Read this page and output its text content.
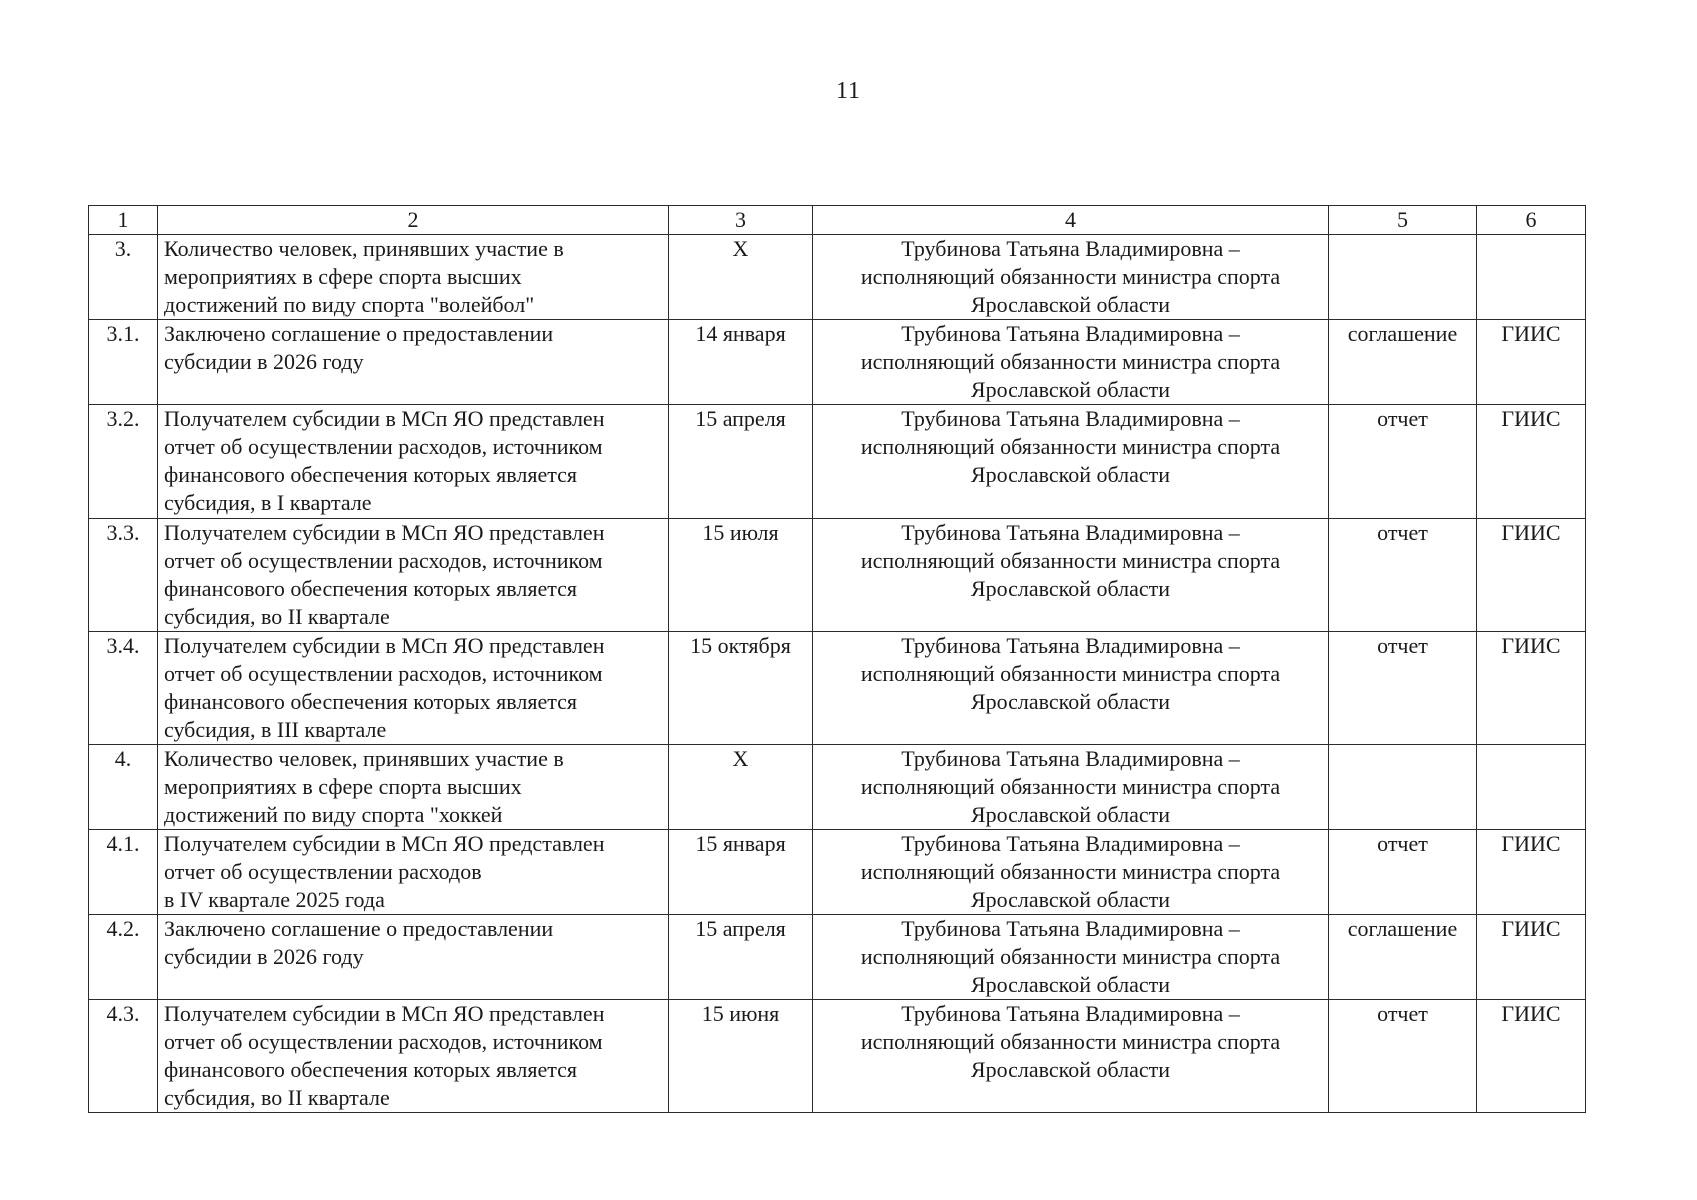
11
1	2	3	4	5	6
3.	Количество человек, принявших участие в
мероприятиях в сфере спорта высших
достижений по виду спорта "волейбол"	Х	Трубинова Татьяна Владимировна –
исполняющий обязанности министра спорта
Ярославской области		

3.1.	Заключено соглашение о предоставлении
субсидии в 2026 году	14 января	Трубинова Татьяна Владимировна –
исполняющий обязанности министра спорта
Ярославской области	соглашение	ГИИС
3.2.	Получателем субсидии в МСп ЯО представлен
отчет об осуществлении расходов, источником
финансового обеспечения которых является
субсидия, в I квартале	15 апреля	Трубинова Татьяна Владимировна –
исполняющий обязанности министра спорта
Ярославской области	отчет	ГИИС
3.3.	Получателем субсидии в МСп ЯО представлен
отчет об осуществлении расходов, источником
финансового обеспечения которых является
субсидия, во II квартале	15 июля	Трубинова Татьяна Владимировна –
исполняющий обязанности министра спорта
Ярославской области	отчет	ГИИС
3.4.	Получателем субсидии в МСп ЯО представлен
отчет об осуществлении расходов, источником
финансового обеспечения которых является
субсидия, в III квартале	15 октября	Трубинова Татьяна Владимировна –
исполняющий обязанности министра спорта
Ярославской области	отчет	ГИИС
4.	Количество человек, принявших участие в
мероприятиях в сфере спорта высших
достижений по виду спорта "хоккей	Х	Трубинова Татьяна Владимировна –
исполняющий обязанности министра спорта
Ярославской области		

4.1.	Получателем субсидии в МСп ЯО представлен
отчет об осуществлении расходов
в IV квартале 2025 года	15 января	Трубинова Татьяна Владимировна –
исполняющий обязанности министра спорта
Ярославской области	отчет	ГИИС
4.2.	Заключено соглашение о предоставлении
субсидии в 2026 году	15 апреля	Трубинова Татьяна Владимировна –
исполняющий обязанности министра спорта
Ярославской области	соглашение	ГИИС
4.3.	Получателем субсидии в МСп ЯО представлен
отчет об осуществлении расходов, источником
финансового обеспечения которых является
субсидия, во II квартале	15 июня	Трубинова Татьяна Владимировна –
исполняющий обязанности министра спорта
Ярославской области	отчет	ГИИС
